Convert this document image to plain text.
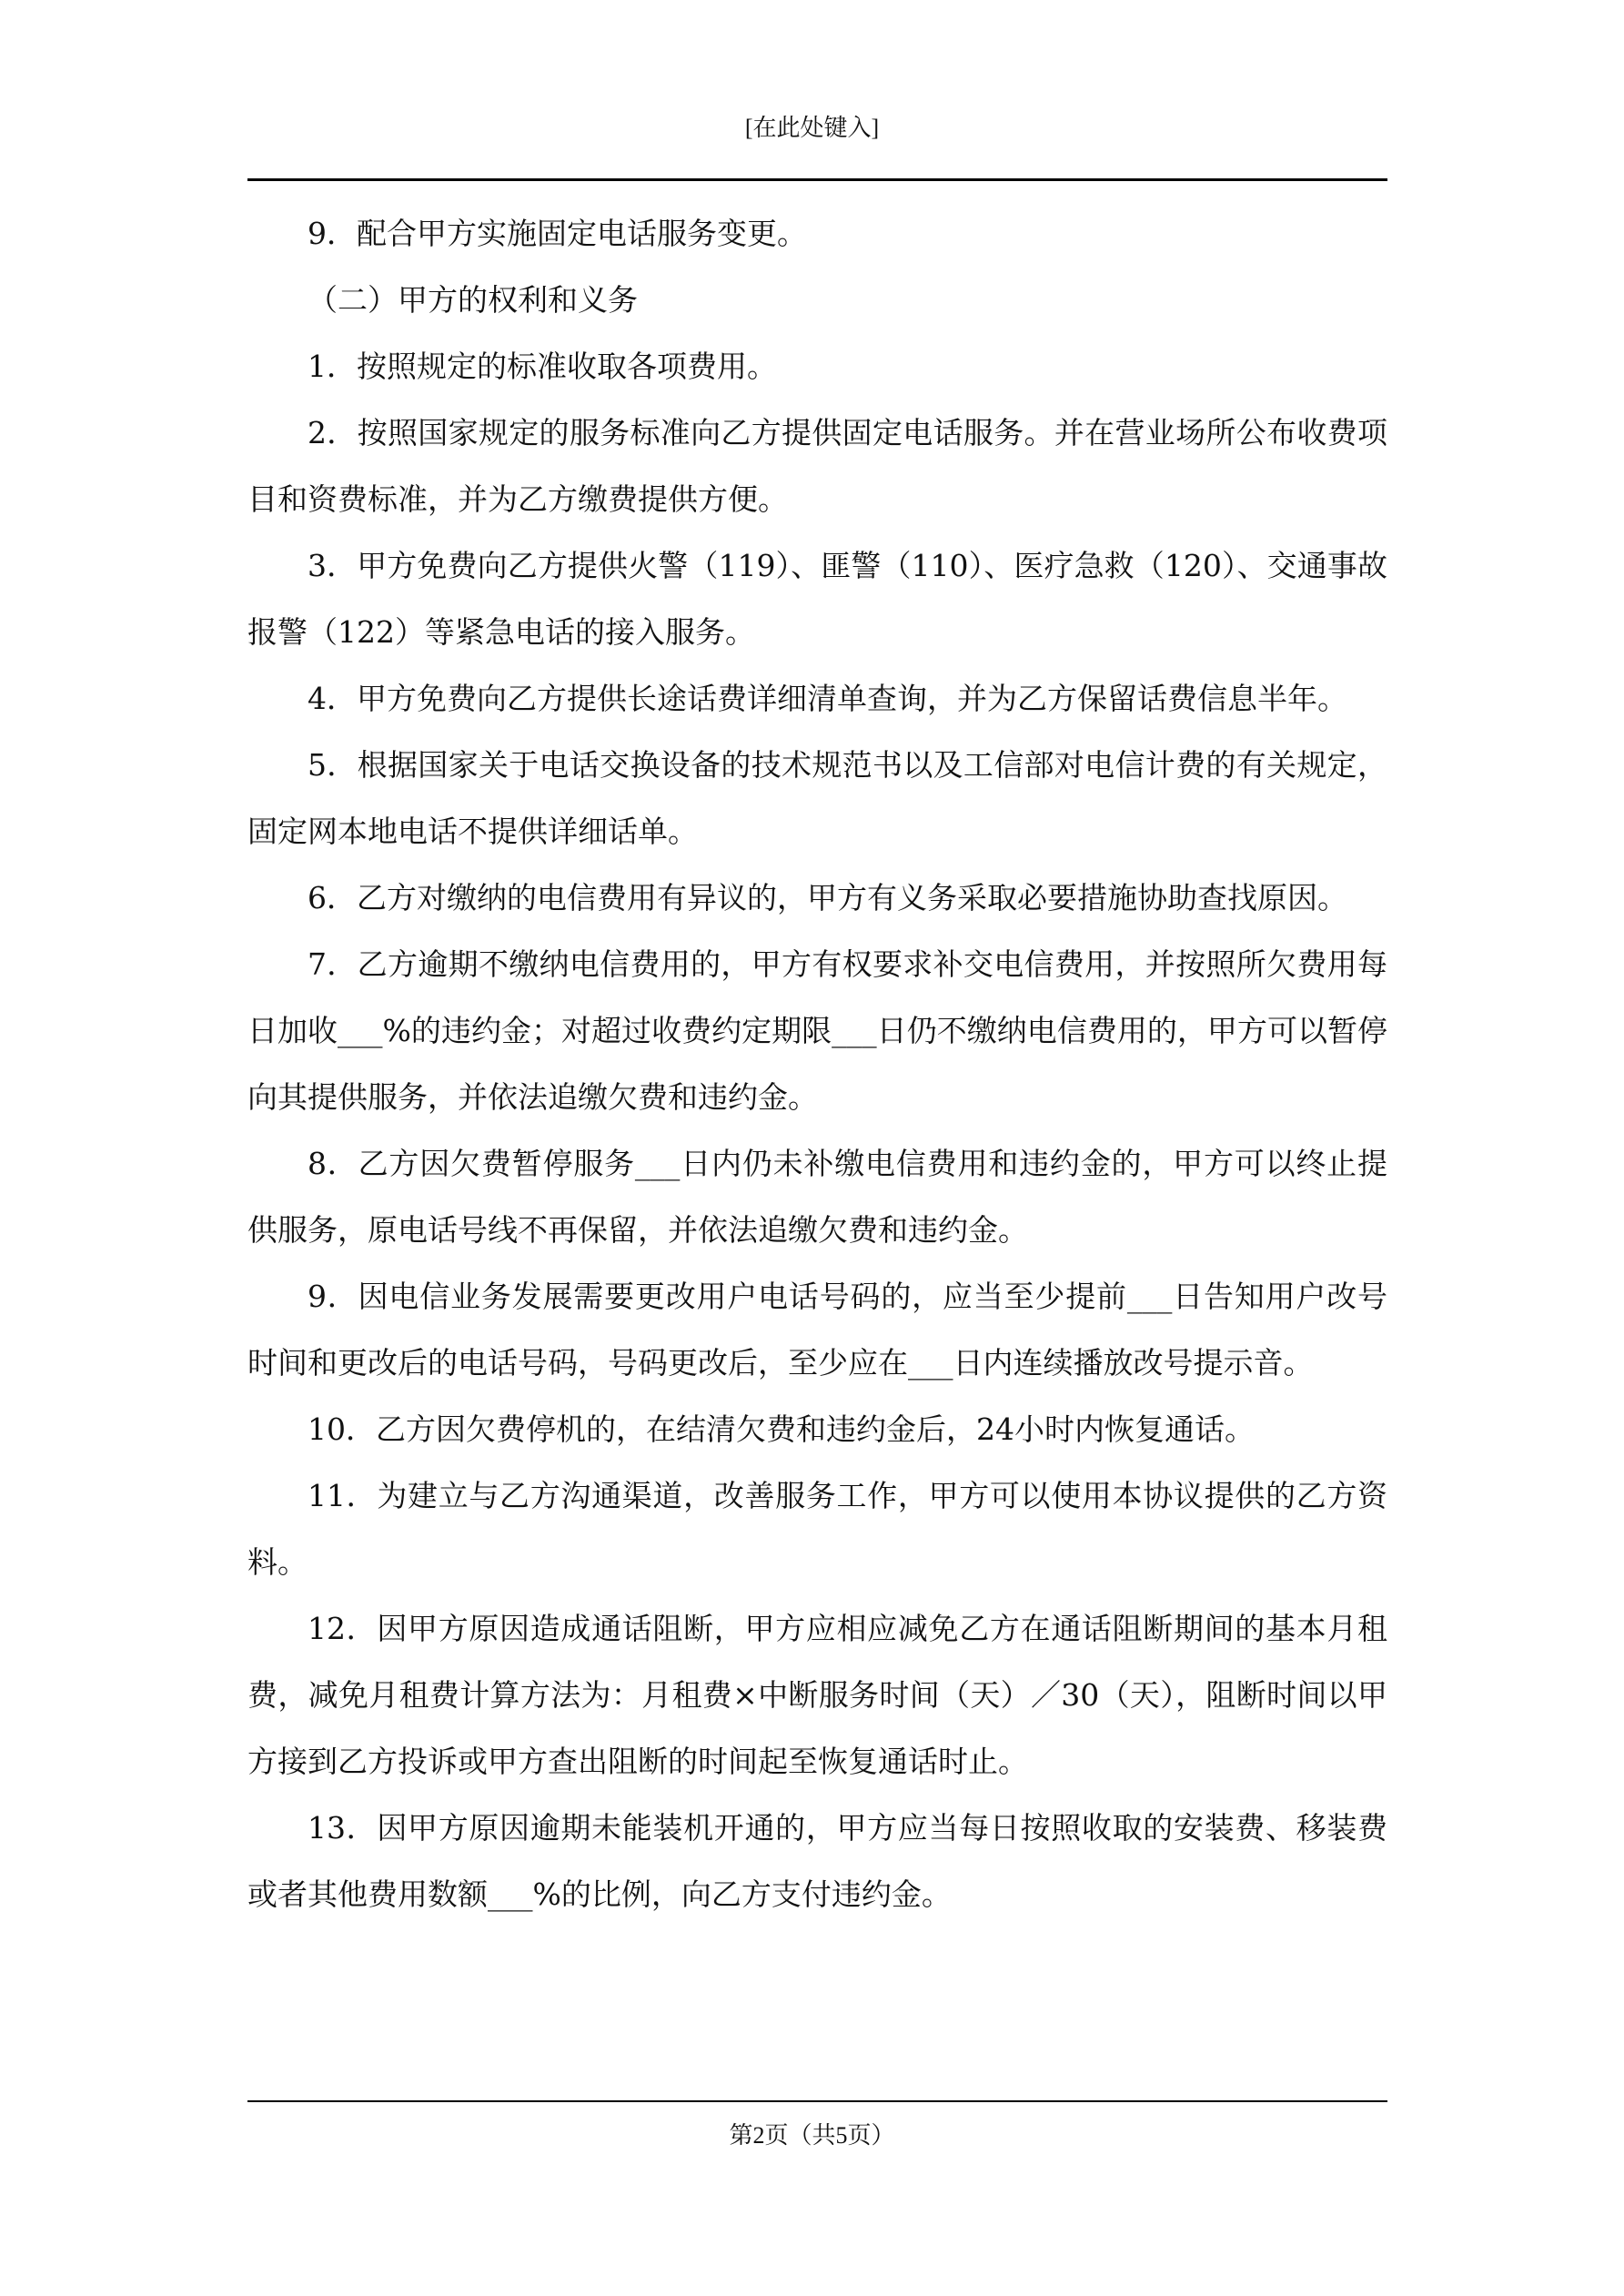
[在此处键入]

9．配合甲方实施固定电话服务变更。

（二）甲方的权利和义务

1．按照规定的标准收取各项费用。

2．按照国家规定的服务标准向乙方提供固定电话服务。并在营业场所公布收费项目和资费标准，并为乙方缴费提供方便。

3．甲方免费向乙方提供火警（119）、匪警（110）、医疗急救（120）、交通事故报警（122）等紧急电话的接入服务。

4．甲方免费向乙方提供长途话费详细清单查询，并为乙方保留话费信息半年。

5．根据国家关于电话交换设备的技术规范书以及工信部对电信计费的有关规定，固定网本地电话不提供详细话单。

6．乙方对缴纳的电信费用有异议的，甲方有义务采取必要措施协助查找原因。

7．乙方逾期不缴纳电信费用的，甲方有权要求补交电信费用，并按照所欠费用每日加收___%的违约金；对超过收费约定期限___日仍不缴纳电信费用的，甲方可以暂停向其提供服务，并依法追缴欠费和违约金。

8．乙方因欠费暂停服务___日内仍未补缴电信费用和违约金的，甲方可以终止提供服务，原电话号线不再保留，并依法追缴欠费和违约金。

9．因电信业务发展需要更改用户电话号码的，应当至少提前___日告知用户改号时间和更改后的电话号码，号码更改后，至少应在___日内连续播放改号提示音。

10．乙方因欠费停机的，在结清欠费和违约金后，24小时内恢复通话。

11．为建立与乙方沟通渠道，改善服务工作，甲方可以使用本协议提供的乙方资料。

12．因甲方原因造成通话阻断，甲方应相应减免乙方在通话阻断期间的基本月租费，减免月租费计算方法为：月租费×中断服务时间（天）／30（天），阻断时间以甲方接到乙方投诉或甲方查出阻断的时间起至恢复通话时止。

13．因甲方原因逾期未能装机开通的，甲方应当每日按照收取的安装费、移装费或者其他费用数额___%的比例，向乙方支付违约金。

第2页（共5页）
